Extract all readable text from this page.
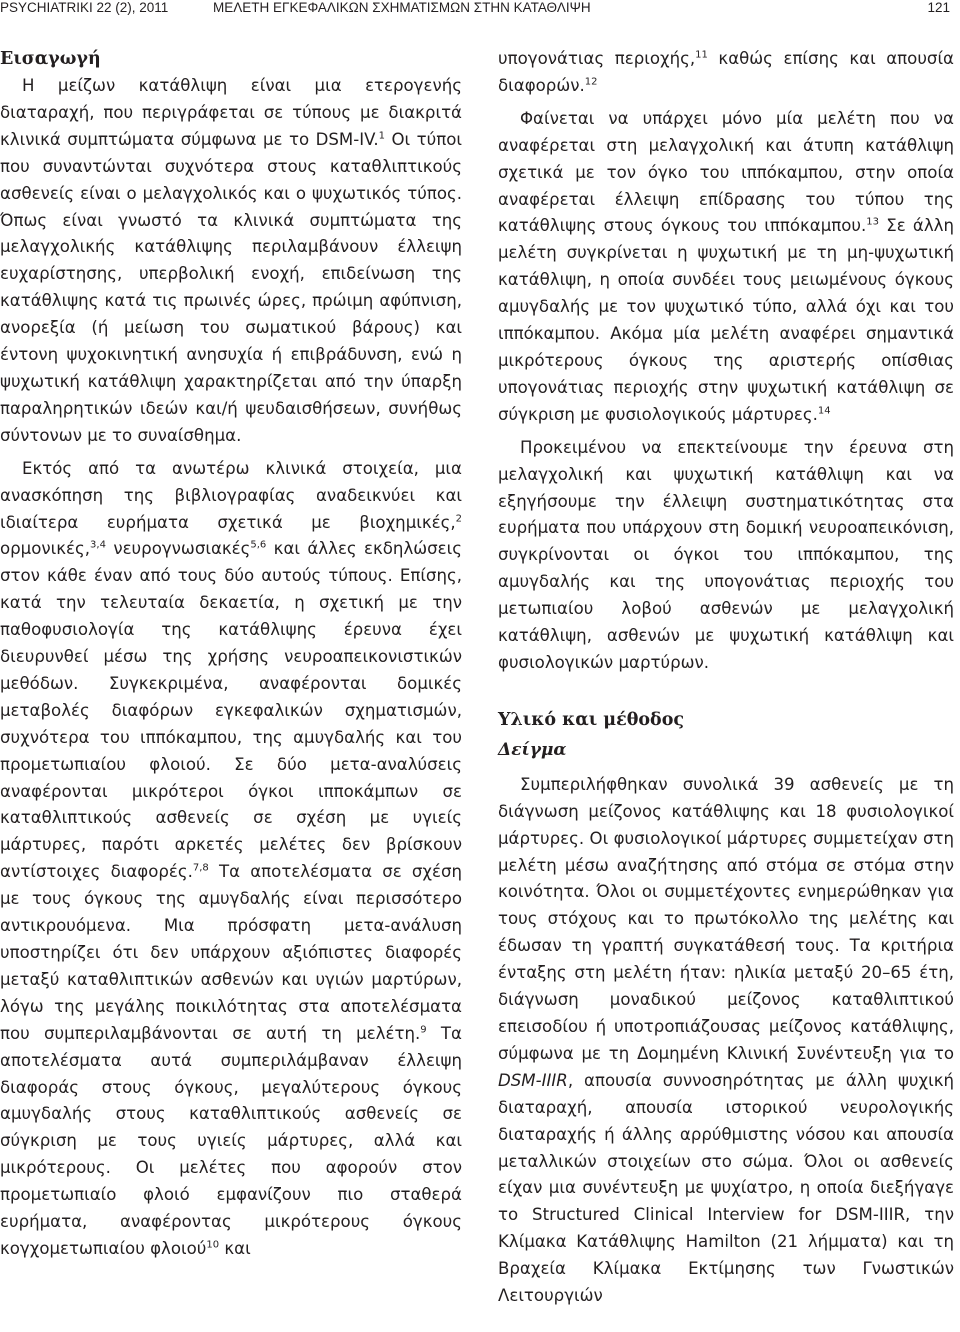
PSYCHIATRIKI 22 (2), 2011	ΜΕΛΕΤΗ ΕΓΚΕΦΑΛΙΚΩΝ ΣΧΗΜΑΤΙΣΜΩΝ ΣΤΗΝ ΚΑΤΑΘΛΙΨΗ	121
Εισαγωγή

Η μείζων κατάθλιψη είναι μια ετερογενής διαταραχή, που περιγράφεται σε τύπους με διακριτά κλινικά συμπτώματα σύμφωνα με το DSM-IV.$^1$ Οι τύποι που συναντώνται συχνότερα στους καταθλιπτικούς ασθενείς είναι ο μελαγχολικός και ο ψυχωτικός τύπος. Όπως είναι γνωστό τα κλινικά συμπτώματα της μελαγχολικής κατάθλιψης περιλαμβάνουν έλλειψη ευχαρίστησης, υπερβολική ενοχή, επιδείνωση της κατάθλιψης κατά τις πρωινές ώρες, πρώιμη αφύπνιση, ανορεξία (ή μείωση του σωματικού βάρους) και έντονη ψυχοκινητική ανησυχία ή επιβράδυνση, ενώ η ψυχωτική κατάθλιψη χαρακτηρίζεται από την ύπαρξη παραληρητικών ιδεών και/ή ψευδαισθήσεων, συνήθως σύντονων με το συναίσθημα.

Εκτός από τα ανωτέρω κλινικά στοιχεία, μια ανασκόπηση της βιβλιογραφίας αναδεικνύει και ιδιαίτερα ευρήματα σχετικά με βιοχημικές,$^2$ ορμονικές,$^{3,4}$ νευρογνωσιακές$^{5,6}$ και άλλες εκδηλώσεις στον κάθε έναν από τους δύο αυτούς τύπους. Επίσης, κατά την τελευταία δεκαετία, η σχετική με την παθοφυσιολογία της κατάθλιψης έρευνα έχει διευρυνθεί μέσω της χρήσης νευροαπεικονιστικών μεθόδων. Συγκεκριμένα, αναφέρονται δομικές μεταβολές διαφόρων εγκεφαλικών σχηματισμών, συχνότερα του ιππόκαμπου, της αμυγδαλής και του προμετωπιαίου φλοιού. Σε δύο μετα-αναλύσεις αναφέρονται μικρότεροι όγκοι ιπποκάμπων σε καταθλιπτικούς ασθενείς σε σχέση με υγιείς μάρτυρες, παρότι αρκετές μελέτες δεν βρίσκουν αντίστοιχες διαφορές.$^{7,8}$ Τα αποτελέσματα σε σχέση με τους όγκους της αμυγδαλής είναι περισσότερο αντικρουόμενα. Μια πρόσφατη μετα-ανάλυση υποστηρίζει ότι δεν υπάρχουν αξιόπιστες διαφορές μεταξύ καταθλιπτικών ασθενών και υγιών μαρτύρων, λόγω της μεγάλης ποικιλότητας στα αποτελέσματα που συμπεριλαμβάνονται σε αυτή τη μελέτη.$^9$ Τα αποτελέσματα αυτά συμπεριλάμβαναν έλλειψη διαφοράς στους όγκους, μεγαλύτερους όγκους αμυγδαλής στους καταθλιπτικούς ασθενείς σε σύγκριση με τους υγιείς μάρτυρες, αλλά και μικρότερους. Οι μελέτες που αφορούν στον προμετωπιαίο φλοιό εμφανίζουν πιο σταθερά ευρήματα, αναφέροντας μικρότερους όγκους κογχομετωπιαίου φλοιού$^{10}$ και

υπογονάτιας περιοχής,$^{11}$ καθώς επίσης και απουσία διαφορών.$^{12}$

Φαίνεται να υπάρχει μόνο μία μελέτη που να αναφέρεται στη μελαγχολική και άτυπη κατάθλιψη σχετικά με τον όγκο του ιππόκαμπου, στην οποία αναφέρεται έλλειψη επίδρασης του τύπου της κατάθλιψης στους όγκους του ιππόκαμπου.$^{13}$ Σε άλλη μελέτη συγκρίνεται η ψυχωτική με τη μη-ψυχωτική κατάθλιψη, η οποία συνδέει τους μειωμένους όγκους αμυγδαλής με τον ψυχωτικό τύπο, αλλά όχι και του ιππόκαμπου. Ακόμα μία μελέτη αναφέρει σημαντικά μικρότερους όγκους της αριστερής οπίσθιας υπογονάτιας περιοχής στην ψυχωτική κατάθλιψη σε σύγκριση με φυσιολογικούς μάρτυρες.$^{14}$

Προκειμένου να επεκτείνουμε την έρευνα στη μελαγχολική και ψυχωτική κατάθλιψη και να εξηγήσουμε την έλλειψη συστηματικότητας στα ευρήματα που υπάρχουν στη δομική νευροαπεικόνιση, συγκρίνονται οι όγκοι του ιππόκαμπου, της αμυγδαλής και της υπογονάτιας περιοχής του μετωπιαίου λοβού ασθενών με μελαγχολική κατάθλιψη, ασθενών με ψυχωτική κατάθλιψη και φυσιολογικών μαρτύρων.

Υλικό και μέθοδος
Δείγμα

Συμπεριλήφθηκαν συνολικά 39 ασθενείς με τη διάγνωση μείζονος κατάθλιψης και 18 φυσιολογικοί μάρτυρες. Οι φυσιολογικοί μάρτυρες συμμετείχαν στη μελέτη μέσω αναζήτησης από στόμα σε στόμα στην κοινότητα. Όλοι οι συμμετέχοντες ενημερώθηκαν για τους στόχους και το πρωτόκολλο της μελέτης και έδωσαν τη γραπτή συγκατάθεσή τους. Τα κριτήρια ένταξης στη μελέτη ήταν: ηλικία μεταξύ 20–65 έτη, διάγνωση μοναδικού μείζονος καταθλιπτικού επεισοδίου ή υποτροπιάζουσας μείζονος κατάθλιψης, σύμφωνα με τη Δομημένη Κλινική Συνέντευξη για το DSM-IIIR, απουσία συννοσηρότητας με άλλη ψυχική διαταραχή, απουσία ιστορικού νευρολογικής διαταραχής ή άλλης αρρύθμιστης νόσου και απουσία μεταλλικών στοιχείων στο σώμα. Όλοι οι ασθενείς είχαν μια συνέντευξη με ψυχίατρο, η οποία διεξήγαγε το Structured Clinical Interview for DSM-IIIR, την Κλίμακα Κατάθλιψης Hamilton (21 λήμματα) και τη Βραχεία Κλίμακα Εκτίμησης των Γνωστικών Λειτουργιών
